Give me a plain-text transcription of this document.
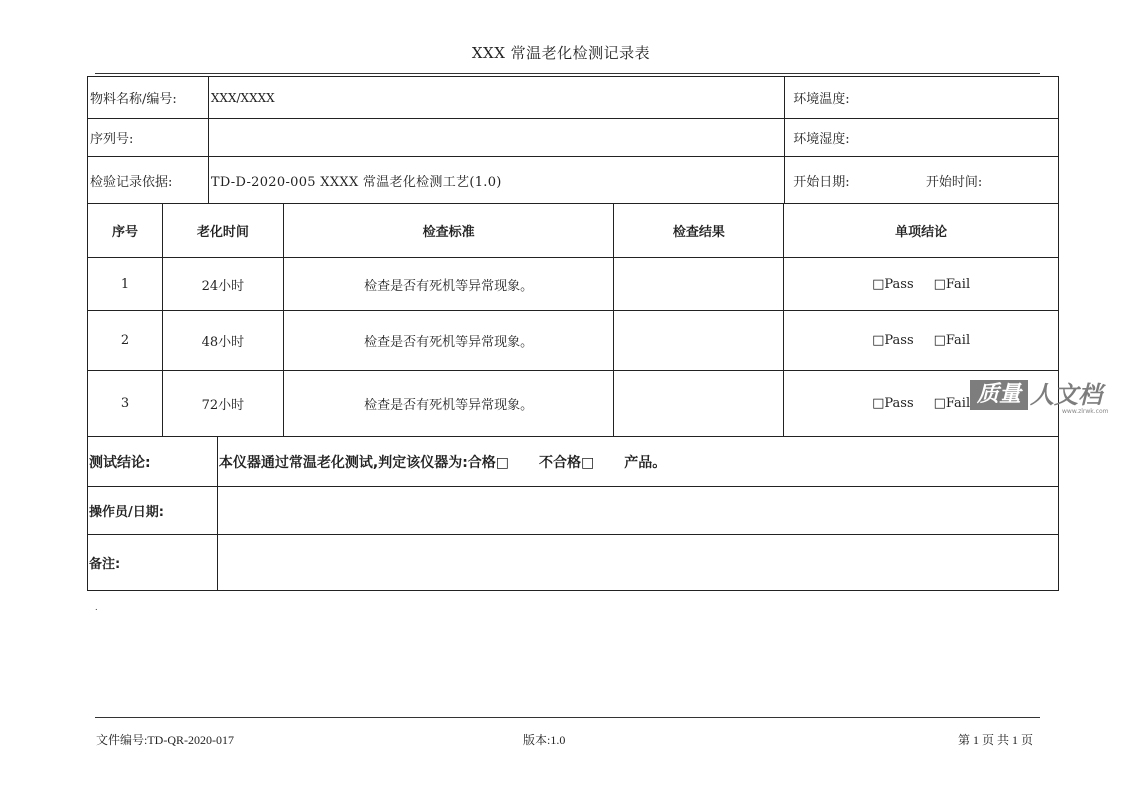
XXX 常温老化检测记录表
物料名称/编号:	XXX/XXXX	环境温度:
序列号:		环境湿度:
检验记录依据:	TD-D-2020-005 XXXX 常温老化检测工艺(1.0)	开始日期: 开始时间:
序号	老化时间	检查标准	检查结果	单项结论
1	24小时	检查是否有死机等异常现象。		□Pass □Fail
2	48小时	检查是否有死机等异常现象。		□Pass □Fail
3	72小时	检查是否有死机等异常现象。		□Pass □Fail
测试结论:	本仪器通过常温老化测试,判定该仪器为:合格□ 不合格□ 产品。
操作员/日期:	
备注:	
质量 人文档
www.zlrwk.com
.
文件编号:TD-QR-2020-017	版本:1.0	第 1 页 共 1 页
